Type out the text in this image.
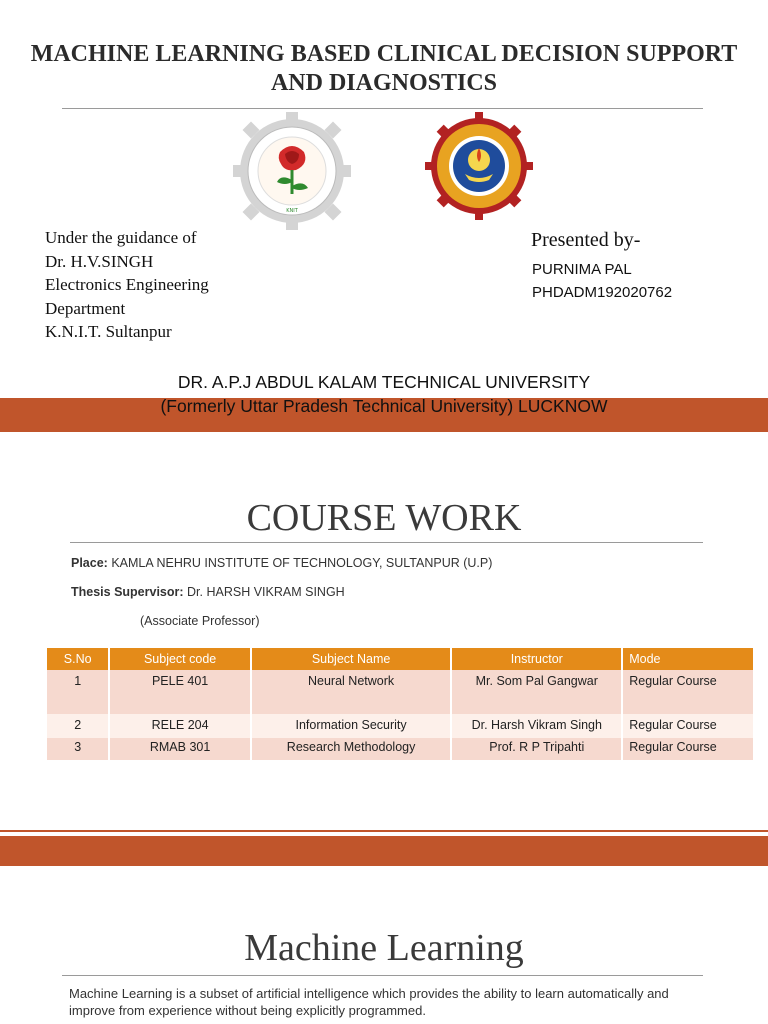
MACHINE LEARNING BASED CLINICAL DECISION SUPPORT AND DIAGNOSTICS
KNIT
Under the guidance of
Dr. H.V.SINGH
Electronics Engineering
Department
K.N.I.T. Sultanpur
Presented by-
PURNIMA PAL
PHDADM192020762
DR. A.P.J ABDUL KALAM TECHNICAL UNIVERSITY
(Formerly Uttar Pradesh Technical University) LUCKNOW
COURSE WORK
Place: KAMLA NEHRU INSTITUTE OF TECHNOLOGY, SULTANPUR (U.P)
Thesis Supervisor: Dr. HARSH VIKRAM SINGH
(Associate Professor)
S.No	Subject code	Subject Name	Instructor	Mode
1	PELE 401	Neural Network	Mr. Som Pal Gangwar	Regular Course
2	RELE 204	Information Security	Dr. Harsh Vikram Singh	Regular Course
3	RMAB 301	Research Methodology	Prof. R P Tripahti	Regular Course
Machine Learning
Machine Learning is a subset of artificial intelligence which provides the ability to learn automatically and improve from experience without being explicitly programmed.
